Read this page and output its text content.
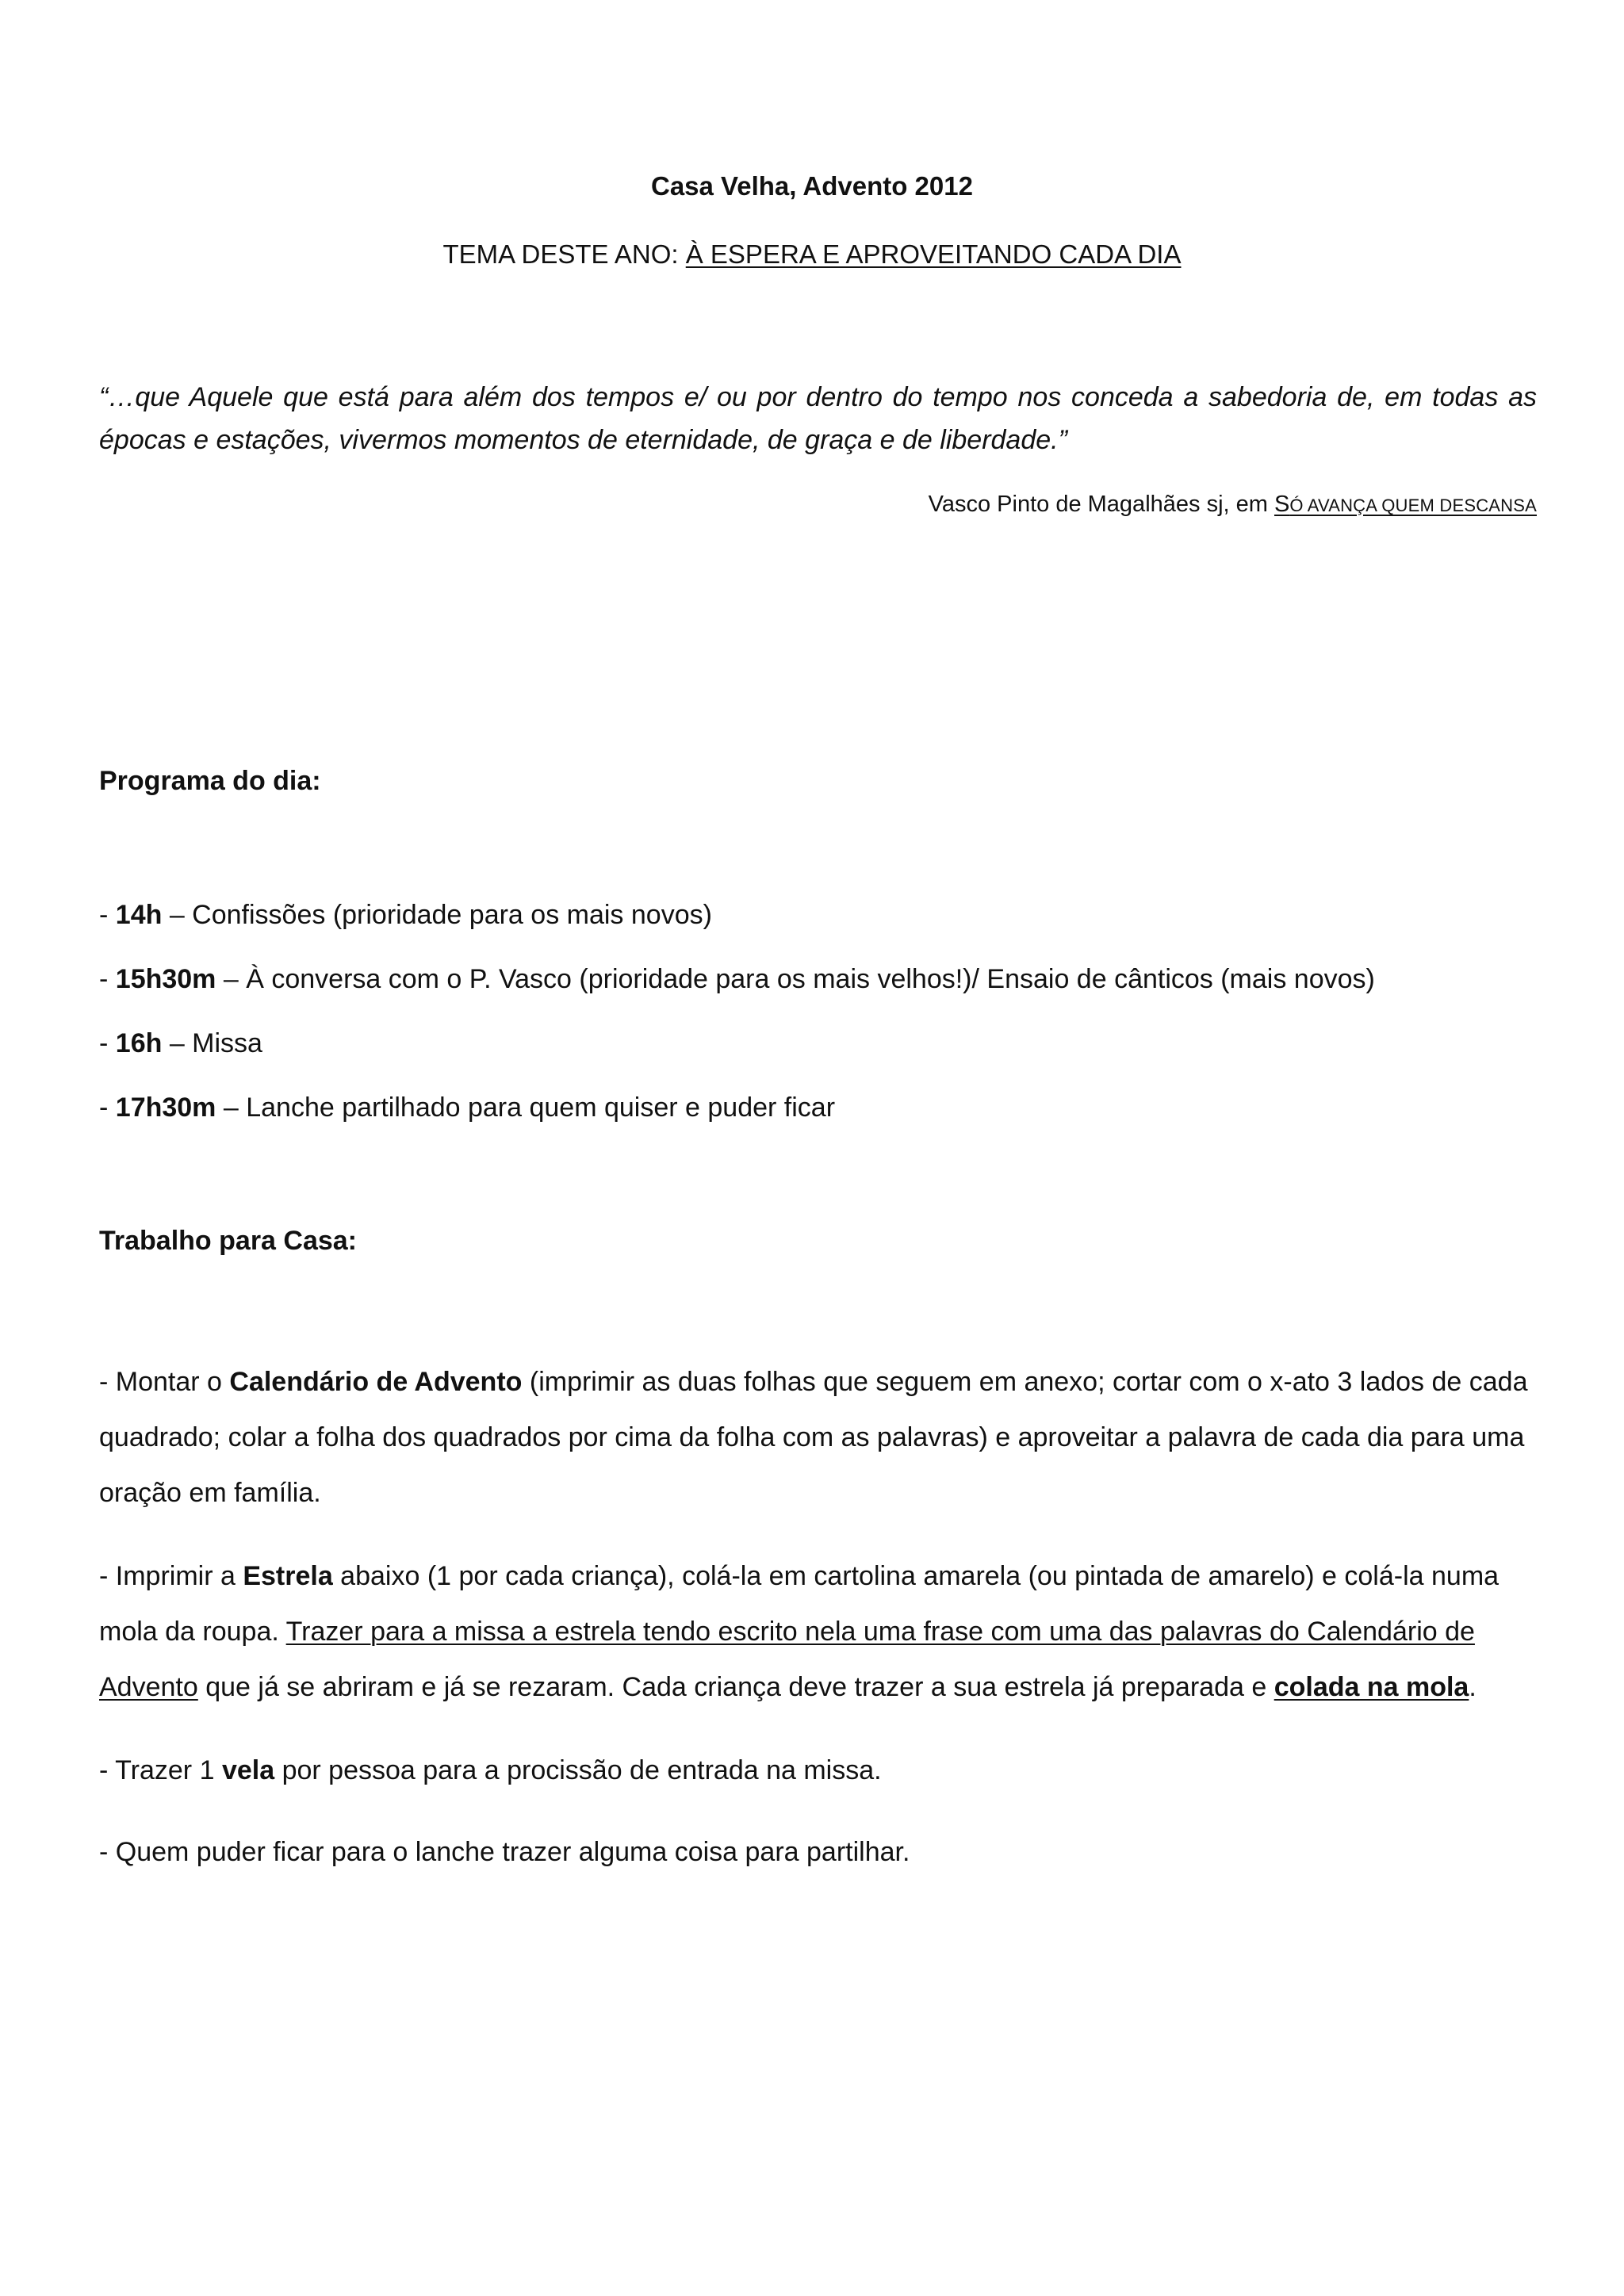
Casa Velha, Advento 2012

TEMA DESTE ANO: À ESPERA E APROVEITANDO CADA DIA

“…que Aquele que está para além dos tempos e/ ou por dentro do tempo nos conceda a sabedoria de, em todas as épocas e estações, vivermos momentos de eternidade, de graça e de liberdade.”

Vasco Pinto de Magalhães sj, em SÓ AVANÇA QUEM DESCANSA

Programa do dia:

- 14h – Confissões (prioridade para os mais novos)

- 15h30m – À conversa com o P. Vasco (prioridade para os mais velhos!)/ Ensaio de cânticos (mais novos)

- 16h – Missa

- 17h30m – Lanche partilhado para quem quiser e puder ficar

Trabalho para Casa:

- Montar o Calendário de Advento (imprimir as duas folhas que seguem em anexo; cortar com o x-ato 3 lados de cada quadrado; colar a folha dos quadrados por cima da folha com as palavras) e aproveitar a palavra de cada dia para uma oração em família.

- Imprimir a Estrela abaixo (1 por cada criança), colá-la em cartolina amarela (ou pintada de amarelo) e colá-la numa mola da roupa. Trazer para a missa a estrela tendo escrito nela uma frase com uma das palavras do Calendário de Advento que já se abriram e já se rezaram. Cada criança deve trazer a sua estrela já preparada e colada na mola.

- Trazer 1 vela por pessoa para a procissão de entrada na missa.

- Quem puder ficar para o lanche trazer alguma coisa para partilhar.
